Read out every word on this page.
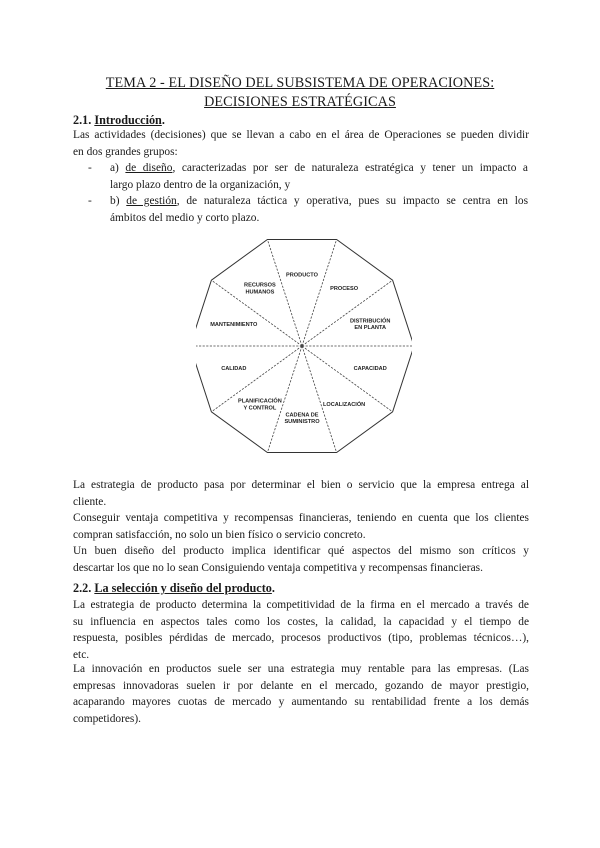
TEMA 2 - EL DISEÑO DEL SUBSISTEMA DE OPERACIONES:
DECISIONES ESTRATÉGICAS
2.1. Introducción.
Las actividades (decisiones) que se llevan a cabo en el área de Operaciones se pueden dividir
en dos grandes grupos:
- a) de diseño, caracterizadas por ser de naturaleza estratégica y tener un impacto a
largo plazo dentro de la organización, y
- b) de gestión, de naturaleza táctica y operativa, pues su impacto se centra en los
ámbitos del medio y corto plazo.
PRODUCTO
PROCESO
DISTRIBUCIÓN EN PLANTA
CAPACIDAD
LOCALIZACIÓN
CADENA DE SUMINISTRO
PLANIFICACIÓN Y CONTROL
CALIDAD
MANTENIMIENTO
RECURSOS HUMANOS
La estrategia de producto pasa por determinar el bien o servicio que la empresa entrega al
cliente.
Conseguir ventaja competitiva y recompensas financieras, teniendo en cuenta que los clientes
compran satisfacción, no solo un bien físico o servicio concreto.
Un buen diseño del producto implica identificar qué aspectos del mismo son críticos y
descartar los que no lo sean Consiguiendo ventaja competitiva y recompensas financieras.
2.2. La selección y diseño del producto.
La estrategia de producto determina la competitividad de la firma en el mercado a través de
su influencia en aspectos tales como los costes, la calidad, la capacidad y el tiempo de
respuesta, posibles pérdidas de mercado, procesos productivos (tipo, problemas técnicos…),
etc.
La innovación en productos suele ser una estrategia muy rentable para las empresas. (Las
empresas innovadoras suelen ir por delante en el mercado, gozando de mayor prestigio,
acaparando mayores cuotas de mercado y aumentando su rentabilidad frente a los demás
competidores).
